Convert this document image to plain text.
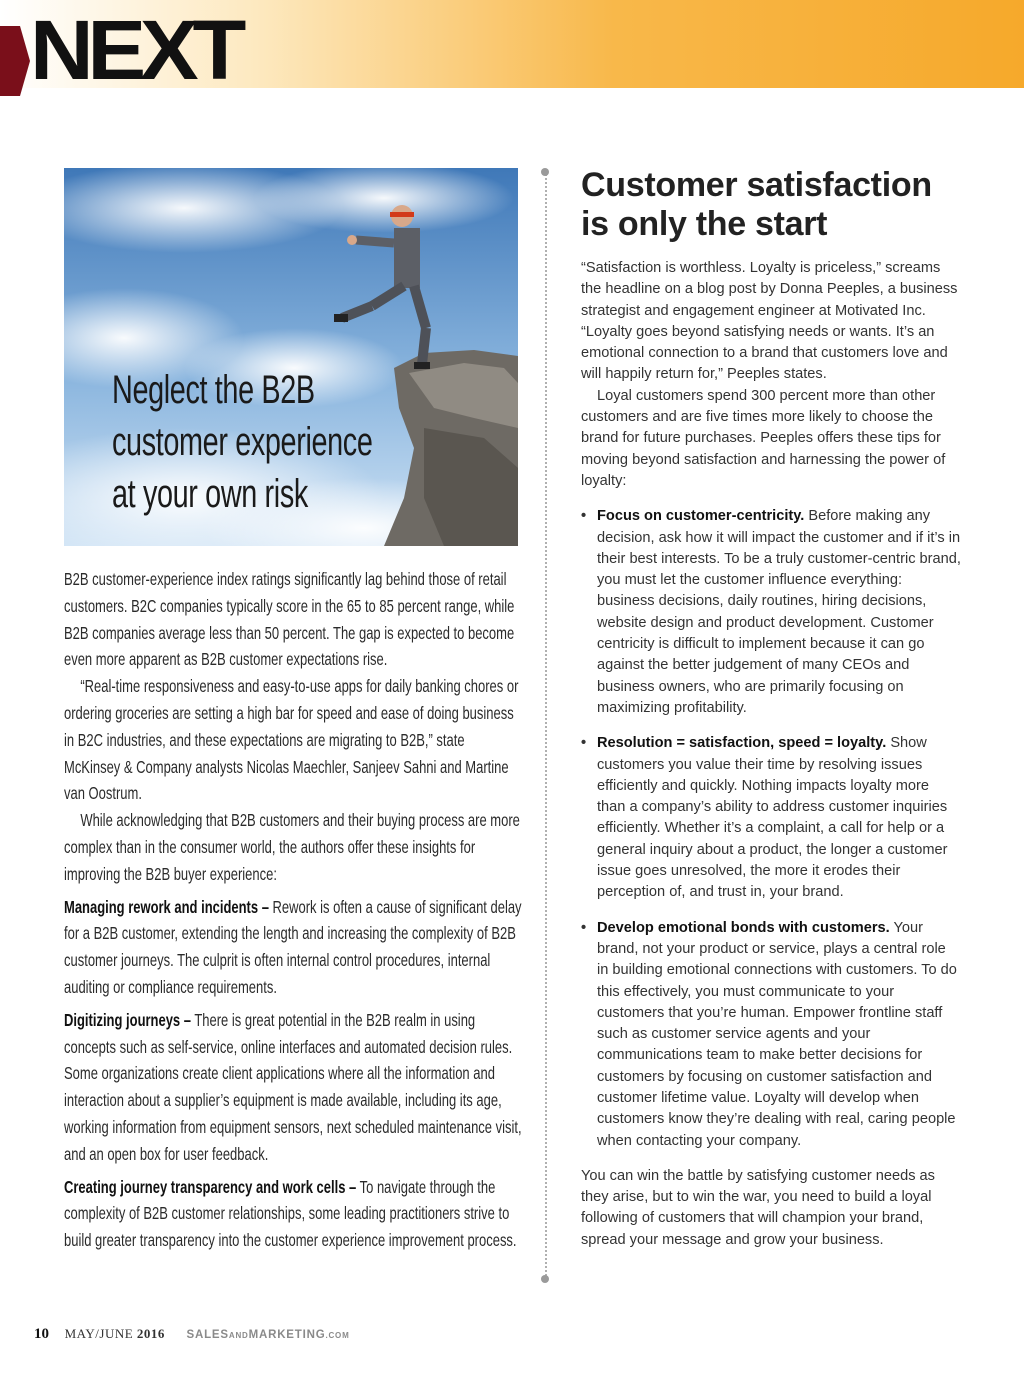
NEXT
Neglect the B2B
customer experience
at your own risk

B2B customer-experience index ratings significantly lag behind those of retail customers. B2C companies typically score in the 65 to 85 percent range, while B2B companies average less than 50 percent. The gap is expected to become even more apparent as B2B customer expectations rise.

“Real-time responsiveness and easy-to-use apps for daily banking chores or ordering groceries are setting a high bar for speed and ease of doing business in B2C industries, and these expectations are migrating to B2B,” state McKinsey & Company analysts Nicolas Maechler, Sanjeev Sahni and Martine van Oostrum.

While acknowledging that B2B customers and their buying process are more complex than in the consumer world, the authors offer these insights for improving the B2B buyer experience:

Managing rework and incidents – Rework is often a cause of significant delay for a B2B customer, extending the length and increasing the complexity of B2B customer journeys. The culprit is often internal control procedures, internal auditing or compliance requirements.

Digitizing journeys – There is great potential in the B2B realm in using concepts such as self-service, online interfaces and automated decision rules. Some organizations create client applications where all the information and interaction about a supplier’s equipment is made available, including its age, working information from equipment sensors, next scheduled maintenance visit, and an open box for user feedback.

Creating journey transparency and work cells – To navigate through the complexity of B2B customer relationships, some leading practitioners strive to build greater transparency into the customer experience improvement process.

Customer satisfaction is only the start

“Satisfaction is worthless. Loyalty is priceless,” screams the headline on a blog post by Donna Peeples, a business strategist and engagement engineer at Motivated Inc. “Loyalty goes beyond satisfying needs or wants. It’s an emotional connection to a brand that customers love and will happily return for,” Peeples states.

Loyal customers spend 300 percent more than other customers and are five times more likely to choose the brand for future purchases. Peeples offers these tips for moving beyond satisfaction and harnessing the power of loyalty:

• Focus on customer-centricity. Before making any decision, ask how it will impact the customer and if it’s in their best interests. To be a truly customer-centric brand, you must let the customer influence everything: business decisions, daily routines, hiring decisions, website design and product development. Customer centricity is difficult to implement because it can go against the better judgement of many CEOs and business owners, who are primarily focusing on maximizing profitability.
• Resolution = satisfaction, speed = loyalty. Show customers you value their time by resolving issues efficiently and quickly. Nothing impacts loyalty more than a company’s ability to address customer inquiries efficiently. Whether it’s a complaint, a call for help or a general inquiry about a product, the longer a customer issue goes unresolved, the more it erodes their perception of, and trust in, your brand.
• Develop emotional bonds with customers. Your brand, not your product or service, plays a central role in building emotional connections with customers. To do this effectively, you must communicate to your customers that you’re human. Empower frontline staff such as customer service agents and your communications team to make better decisions for customers by focusing on customer satisfaction and customer lifetime value. Loyalty will develop when customers know they’re dealing with real, caring people when contacting your company.

You can win the battle by satisfying customer needs as they arise, but to win the war, you need to build a loyal following of customers that will champion your brand, spread your message and grow your business.

10 MAY/JUNE 2016 SALESANDMARKETING.COM
